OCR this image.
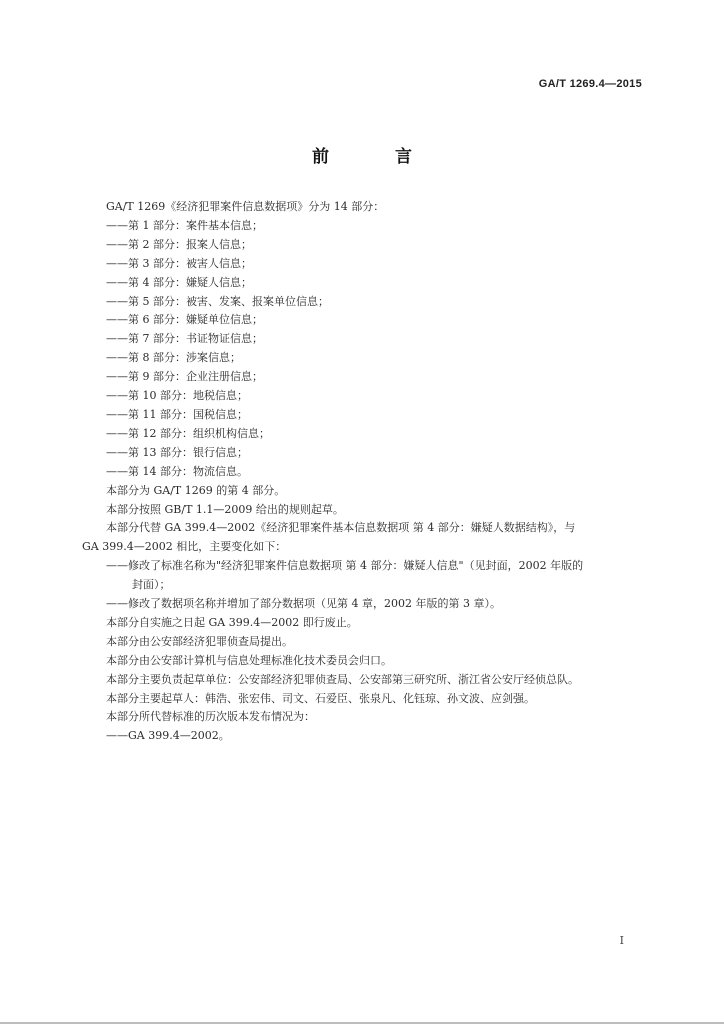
GA/T 1269.4—2015
前 言
GA/T 1269《经济犯罪案件信息数据项》分为 14 部分：
——第 1 部分：案件基本信息；
——第 2 部分：报案人信息；
——第 3 部分：被害人信息；
——第 4 部分：嫌疑人信息；
——第 5 部分：被害、发案、报案单位信息；
——第 6 部分：嫌疑单位信息；
——第 7 部分：书证物证信息；
——第 8 部分：涉案信息；
——第 9 部分：企业注册信息；
——第 10 部分：地税信息；
——第 11 部分：国税信息；
——第 12 部分：组织机构信息；
——第 13 部分：银行信息；
——第 14 部分：物流信息。
本部分为 GA/T 1269 的第 4 部分。
本部分按照 GB/T 1.1—2009 给出的规则起草。
本部分代替 GA 399.4—2002《经济犯罪案件基本信息数据项 第 4 部分：嫌疑人数据结构》，与
GA 399.4—2002 相比，主要变化如下：
——修改了标准名称为"经济犯罪案件信息数据项 第 4 部分：嫌疑人信息"（见封面，2002 年版的
封面）；
——修改了数据项名称并增加了部分数据项（见第 4 章，2002 年版的第 3 章）。
本部分自实施之日起 GA 399.4—2002 即行废止。
本部分由公安部经济犯罪侦查局提出。
本部分由公安部计算机与信息处理标准化技术委员会归口。
本部分主要负责起草单位：公安部经济犯罪侦查局、公安部第三研究所、浙江省公安厅经侦总队。
本部分主要起草人：韩浩、张宏伟、司文、石爱臣、张泉凡、化钰琼、孙文波、应剑强。
本部分所代替标准的历次版本发布情况为：
——GA 399.4—2002。
I
